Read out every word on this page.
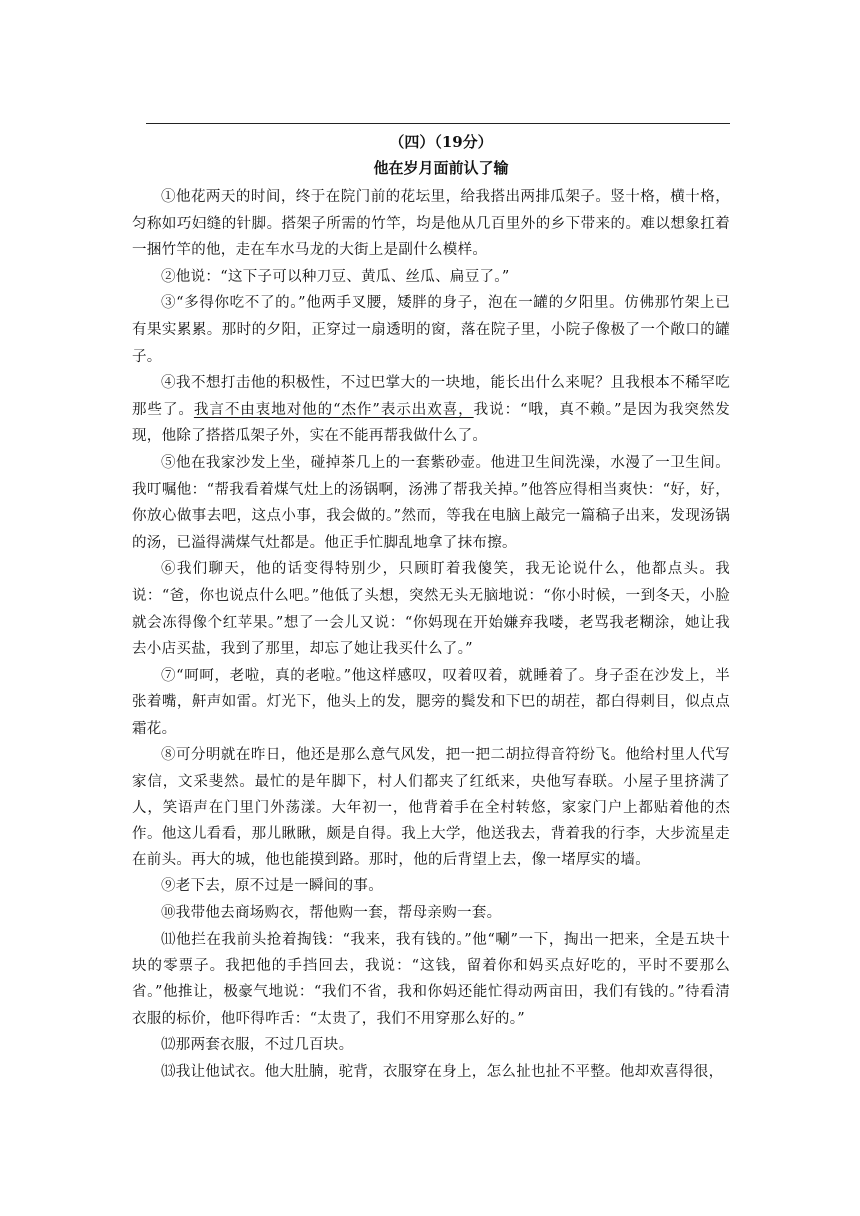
（四）（19分）
他在岁月面前认了输

①他花两天的时间，终于在院门前的花坛里，给我搭出两排瓜架子。竖十格，横十格，匀称如巧妇缝的针脚。搭架子所需的竹竿，均是他从几百里外的乡下带来的。难以想象扛着一捆竹竿的他，走在车水马龙的大街上是副什么模样。

②他说：“这下子可以种刀豆、黄瓜、丝瓜、扁豆了。”

③“多得你吃不了的。”他两手叉腰，矮胖的身子，泡在一罐的夕阳里。仿佛那竹架上已有果实累累。那时的夕阳，正穿过一扇透明的窗，落在院子里，小院子像极了一个敞口的罐子。

④我不想打击他的积极性，不过巴掌大的一块地，能长出什么来呢？且我根本不稀罕吃那些了。我言不由衷地对他的“杰作”表示出欢喜，我说：“哦，真不赖。”是因为我突然发现，他除了搭搭瓜架子外，实在不能再帮我做什么了。

⑤他在我家沙发上坐，碰掉茶几上的一套紫砂壶。他进卫生间洗澡，水漫了一卫生间。我叮嘱他：“帮我看着煤气灶上的汤锅啊，汤沸了帮我关掉。”他答应得相当爽快：“好，好，你放心做事去吧，这点小事，我会做的。”然而，等我在电脑上敲完一篇稿子出来，发现汤锅的汤，已溢得满煤气灶都是。他正手忙脚乱地拿了抹布擦。

⑥我们聊天，他的话变得特别少，只顾盯着我傻笑，我无论说什么，他都点头。我说：“爸，你也说点什么吧。”他低了头想，突然无头无脑地说：“你小时候，一到冬天，小脸就会冻得像个红苹果。”想了一会儿又说：“你妈现在开始嫌弃我喽，老骂我老糊涂，她让我去小店买盐，我到了那里，却忘了她让我买什么了。”

⑦“呵呵，老啦，真的老啦。”他这样感叹，叹着叹着，就睡着了。身子歪在沙发上，半张着嘴，鼾声如雷。灯光下，他头上的发，腮旁的鬓发和下巴的胡茬，都白得刺目，似点点霜花。

⑧可分明就在昨日，他还是那么意气风发，把一把二胡拉得音符纷飞。他给村里人代写家信，文采斐然。最忙的是年脚下，村人们都夹了红纸来，央他写春联。小屋子里挤满了人，笑语声在门里门外荡漾。大年初一，他背着手在全村转悠，家家门户上都贴着他的杰作。他这儿看看，那儿瞅瞅，颇是自得。我上大学，他送我去，背着我的行李，大步流星走在前头。再大的城，他也能摸到路。那时，他的后背望上去，像一堵厚实的墙。

⑨老下去，原不过是一瞬间的事。

⑩我带他去商场购衣，帮他购一套，帮母亲购一套。

⑾他拦在我前头抢着掏钱：“我来，我有钱的。”他“唰”一下，掏出一把来，全是五块十块的零票子。我把他的手挡回去，我说：“这钱，留着你和妈买点好吃的，平时不要那么省。”他推让，极豪气地说：“我们不省，我和你妈还能忙得动两亩田，我们有钱的。”待看清衣服的标价，他吓得咋舌：“太贵了，我们不用穿那么好的。”

⑿那两套衣服，不过几百块。

⒀我让他试衣。他大肚腩，驼背，衣服穿在身上，怎么扯也扯不平整。他却欢喜得很，
